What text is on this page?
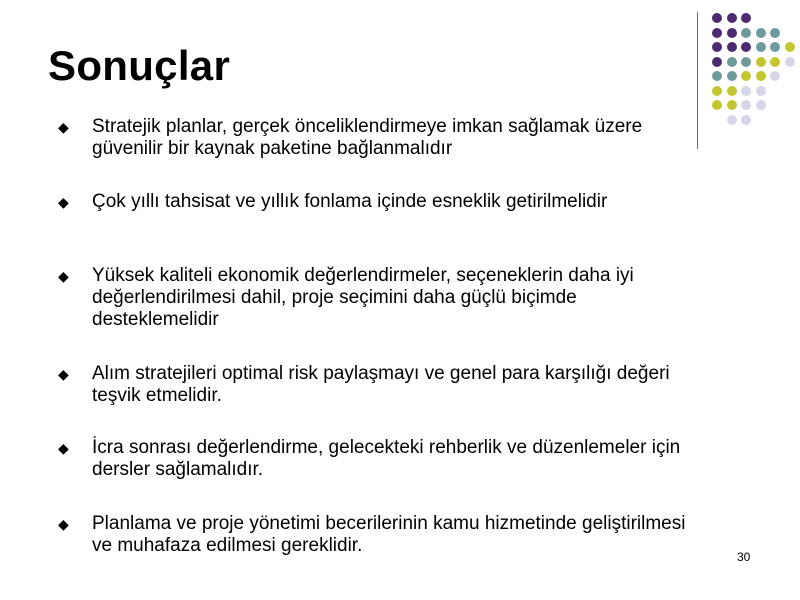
Sonuçlar
◆ Stratejik planlar, gerçek önceliklendirmeye imkan sağlamak üzere güvenilir bir kaynak paketine bağlanmalıdır
◆ Çok yıllı tahsisat ve yıllık fonlama içinde esneklik getirilmelidir
◆ Yüksek kaliteli ekonomik değerlendirmeler, seçeneklerin daha iyi değerlendirilmesi dahil, proje seçimini daha güçlü biçimde desteklemelidir
◆ Alım stratejileri optimal risk paylaşmayı ve genel para karşılığı değeri teşvik etmelidir.
◆ İcra sonrası değerlendirme, gelecekteki rehberlik ve düzenlemeler için dersler sağlamalıdır.
◆ Planlama ve proje yönetimi becerilerinin kamu hizmetinde geliştirilmesi ve muhafaza edilmesi gereklidir.
30
